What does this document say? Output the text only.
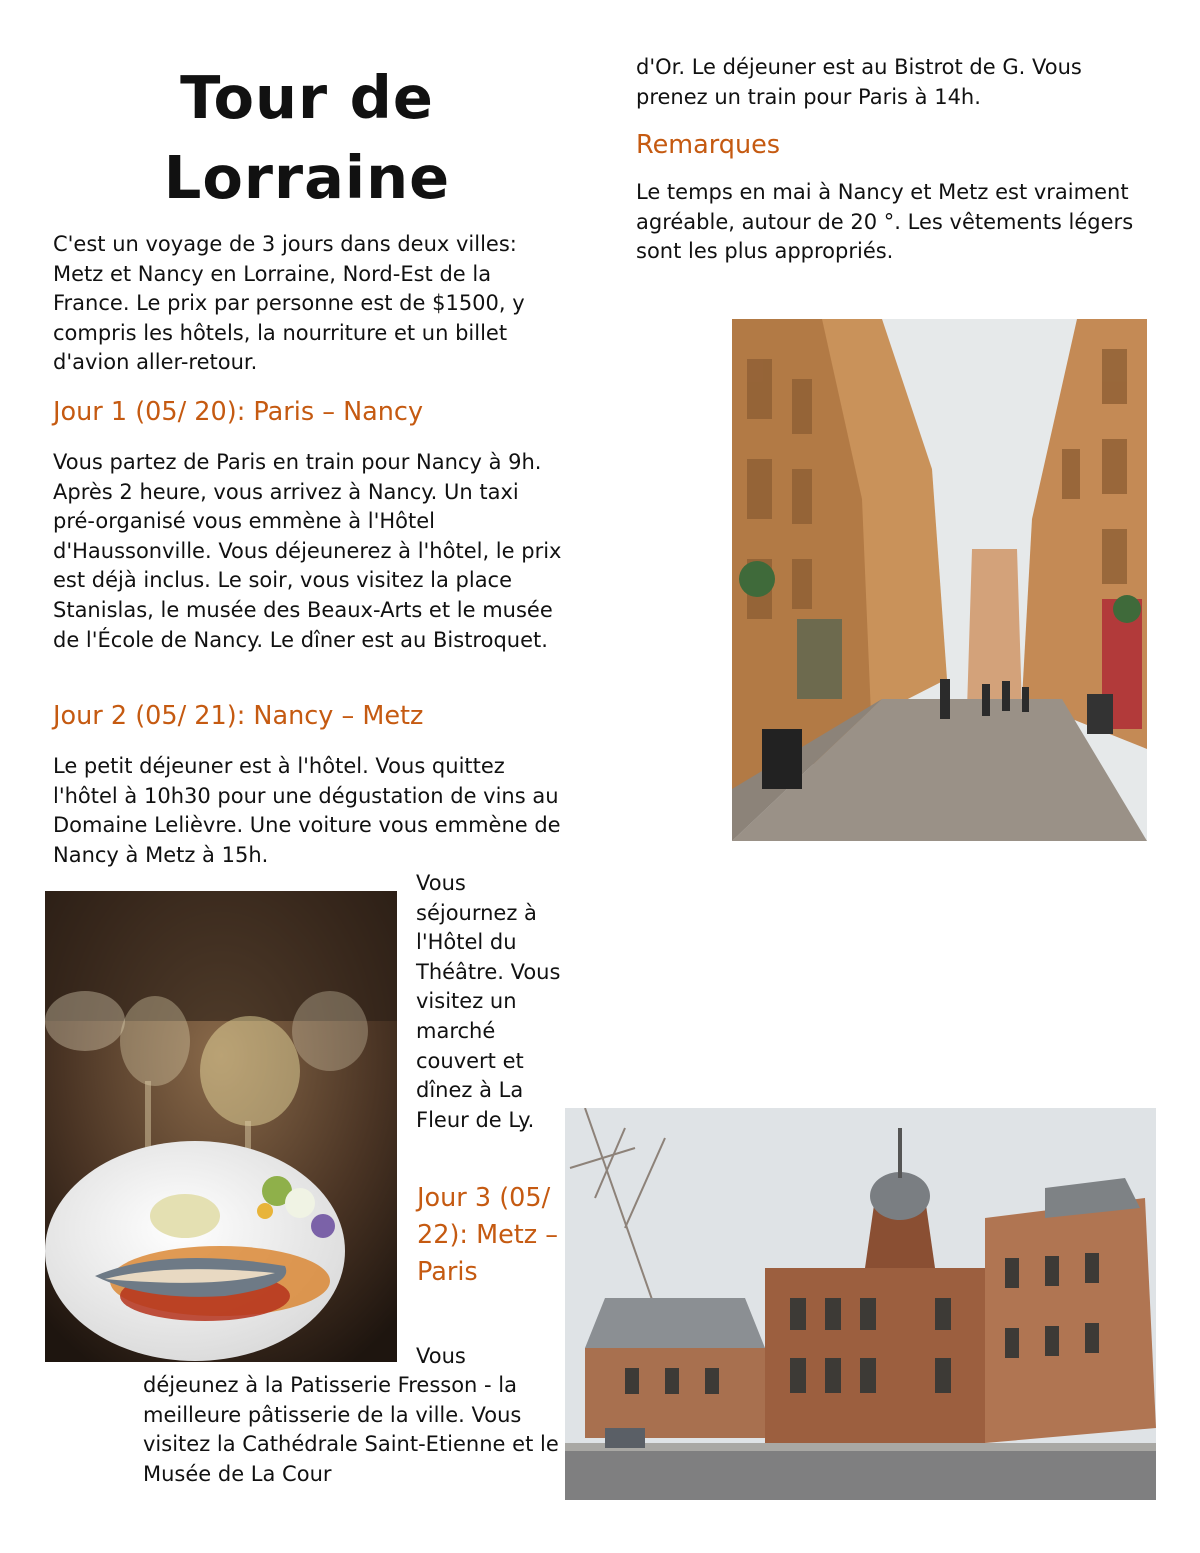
Tour de Lorraine

C'est un voyage de 3 jours dans deux villes: Metz et Nancy en Lorraine, Nord-Est de la France. Le prix par personne est de $1500, y compris les hôtels, la nourriture et un billet d'avion aller-retour.

Jour 1 (05/ 20): Paris – Nancy

Vous partez de Paris en train pour Nancy à 9h. Après 2 heure, vous arrivez à Nancy. Un taxi pré-organisé vous emmène à l'Hôtel d'Haussonville. Vous déjeunerez à l'hôtel, le prix est déjà inclus. Le soir, vous visitez la place Stanislas, le musée des Beaux-Arts et le musée de l'École de Nancy. Le dîner est au Bistroquet.

Jour 2 (05/ 21): Nancy – Metz

Le petit déjeuner est à l'hôtel. Vous quittez l'hôtel à 10h30 pour une dégustation de vins au Domaine Lelièvre. Une voiture vous emmène de Nancy à Metz à 15h.

Vous séjournez à l'Hôtel du Théâtre. Vous visitez un marché couvert et dînez à La Fleur de Ly.

Jour 3 (05/ 22): Metz – Paris

Vous

déjeunez à la Patisserie Fresson - la meilleure pâtisserie de la ville. Vous visitez la Cathédrale Saint-Etienne et le Musée de La Cour

d'Or. Le déjeuner est au Bistrot de G. Vous prenez un train pour Paris à 14h.

Remarques

Le temps en mai à Nancy et Metz est vraiment agréable, autour de 20 °. Les vêtements légers sont les plus appropriés.
